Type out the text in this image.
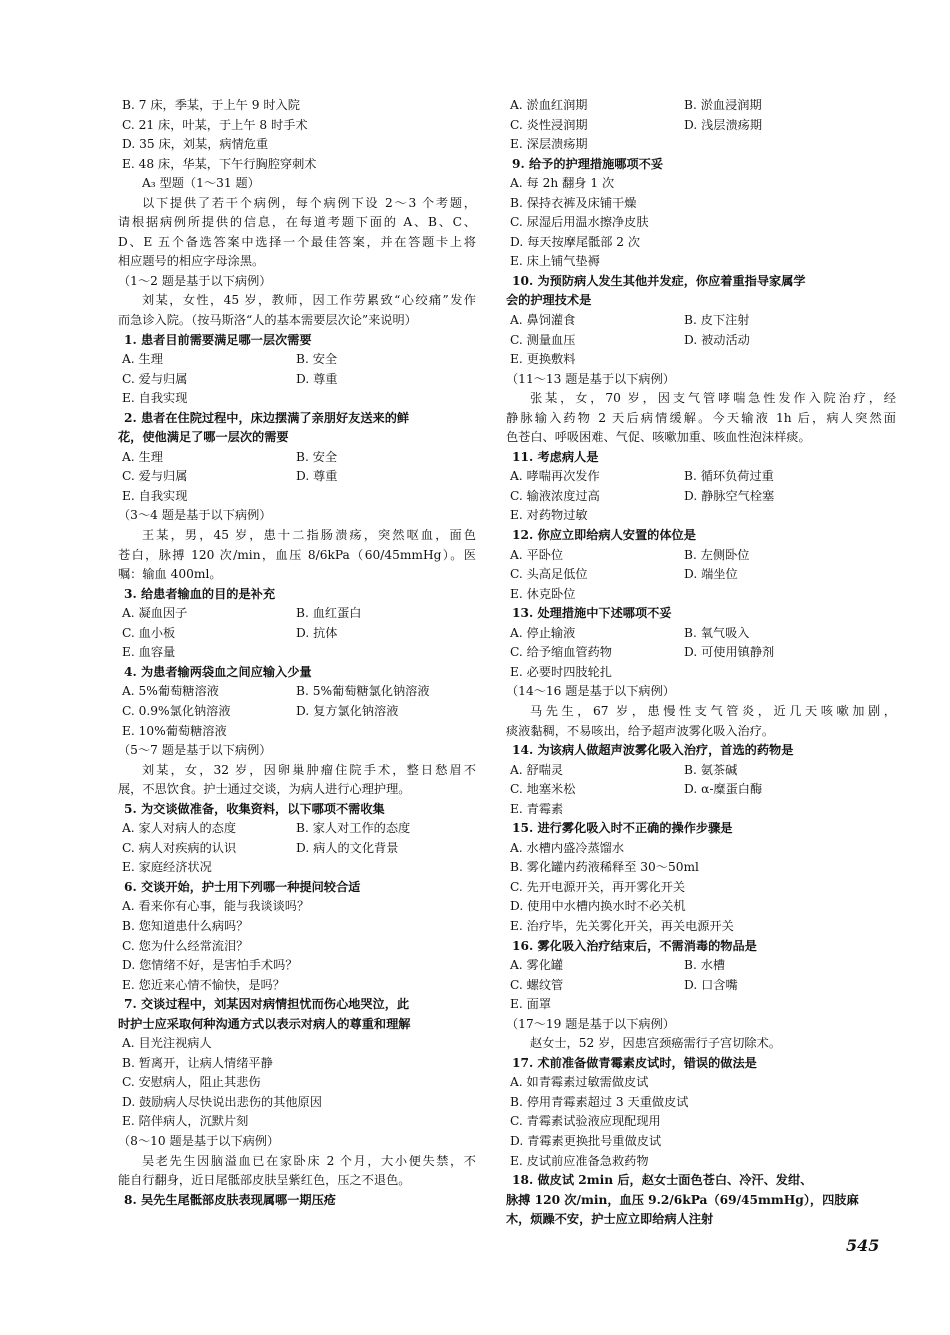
B. 7 床，季某，于上午 9 时入院
C. 21 床，叶某，于上午 8 时手术
D. 35 床，刘某，病情危重
E. 48 床，华某，下午行胸腔穿刺术
A₃ 型题（1～31 题）
以下提供了若干个病例，每个病例下设 2～3 个考题，
请根据病例所提供的信息，在每道考题下面的 A、B、C、
D、E 五个备选答案中选择一个最佳答案，并在答题卡上将
相应题号的相应字母涂黑。
（1～2 题是基于以下病例）
刘某，女性，45 岁，教师，因工作劳累致“心绞痛”发作
而急诊入院。（按马斯洛“人的基本需要层次论”来说明）
1. 患者目前需要满足哪一层次需要
A. 生理	B. 安全
C. 爱与归属	D. 尊重
E. 自我实现
2. 患者在住院过程中，床边摆满了亲朋好友送来的鲜
花，使他满足了哪一层次的需要
A. 生理	B. 安全
C. 爱与归属	D. 尊重
E. 自我实现
（3～4 题是基于以下病例）
王某，男，45 岁，患十二指肠溃疡，突然呕血，面色
苍白，脉搏 120 次/min，血压 8/6kPa（60/45mmHg）。医
嘱：输血 400ml。
3. 给患者输血的目的是补充
A. 凝血因子	B. 血红蛋白
C. 血小板	D. 抗体
E. 血容量
4. 为患者输两袋血之间应输入少量
A. 5%葡萄糖溶液	B. 5%葡萄糖氯化钠溶液
C. 0.9%氯化钠溶液	D. 复方氯化钠溶液
E. 10%葡萄糖溶液
（5～7 题是基于以下病例）
刘某，女，32 岁，因卵巢肿瘤住院手术，整日愁眉不
展，不思饮食。护士通过交谈，为病人进行心理护理。
5. 为交谈做准备，收集资料，以下哪项不需收集
A. 家人对病人的态度	B. 家人对工作的态度
C. 病人对疾病的认识	D. 病人的文化背景
E. 家庭经济状况
6. 交谈开始，护士用下列哪一种提问较合适
A. 看来你有心事，能与我谈谈吗？
B. 您知道患什么病吗？
C. 您为什么经常流泪？
D. 您情绪不好，是害怕手术吗？
E. 您近来心情不愉快，是吗？
7. 交谈过程中，刘某因对病情担忧而伤心地哭泣，此
时护士应采取何种沟通方式以表示对病人的尊重和理解
A. 目光注视病人
B. 暂离开，让病人情绪平静
C. 安慰病人，阻止其悲伤
D. 鼓励病人尽快说出悲伤的其他原因
E. 陪伴病人，沉默片刻
（8～10 题是基于以下病例）
吴老先生因脑溢血已在家卧床 2 个月，大小便失禁，不
能自行翻身，近日尾骶部皮肤呈紫红色，压之不退色。
8. 吴先生尾骶部皮肤表现属哪一期压疮
A. 淤血红润期	B. 淤血浸润期
C. 炎性浸润期	D. 浅层溃疡期
E. 深层溃疡期
9. 给予的护理措施哪项不妥
A. 每 2h 翻身 1 次
B. 保持衣裤及床铺干燥
C. 尿湿后用温水擦净皮肤
D. 每天按摩尾骶部 2 次
E. 床上铺气垫褥
10. 为预防病人发生其他并发症，你应着重指导家属学
会的护理技术是
A. 鼻饲灌食	B. 皮下注射
C. 测量血压	D. 被动活动
E. 更换敷料
（11～13 题是基于以下病例）
张某，女，70 岁，因支气管哮喘急性发作入院治疗，经
静脉输入药物 2 天后病情缓解。今天输液 1h 后，病人突然面
色苍白、呼吸困难、气促、咳嗽加重、咳血性泡沫样痰。
11. 考虑病人是
A. 哮喘再次发作	B. 循环负荷过重
C. 输液浓度过高	D. 静脉空气栓塞
E. 对药物过敏
12. 你应立即给病人安置的体位是
A. 平卧位	B. 左侧卧位
C. 头高足低位	D. 端坐位
E. 休克卧位
13. 处理措施中下述哪项不妥
A. 停止输液	B. 氧气吸入
C. 给予缩血管药物	D. 可使用镇静剂
E. 必要时四肢轮扎
（14～16 题是基于以下病例）
马先生，67 岁，患慢性支气管炎，近几天咳嗽加剧，
痰液黏稠，不易咳出，给予超声波雾化吸入治疗。
14. 为该病人做超声波雾化吸入治疗，首选的药物是
A. 舒喘灵	B. 氨茶碱
C. 地塞米松	D. α-糜蛋白酶
E. 青霉素
15. 进行雾化吸入时不正确的操作步骤是
A. 水槽内盛冷蒸馏水
B. 雾化罐内药液稀释至 30～50ml
C. 先开电源开关，再开雾化开关
D. 使用中水槽内换水时不必关机
E. 治疗毕，先关雾化开关，再关电源开关
16. 雾化吸入治疗结束后，不需消毒的物品是
A. 雾化罐	B. 水槽
C. 螺纹管	D. 口含嘴
E. 面罩
（17～19 题是基于以下病例）
赵女士，52 岁，因患宫颈癌需行子宫切除术。
17. 术前准备做青霉素皮试时，错误的做法是
A. 如青霉素过敏需做皮试
B. 停用青霉素超过 3 天重做皮试
C. 青霉素试验液应现配现用
D. 青霉素更换批号重做皮试
E. 皮试前应准备急救药物
18. 做皮试 2min 后，赵女士面色苍白、冷汗、发绀、
脉搏 120 次/min，血压 9.2/6kPa（69/45mmHg），四肢麻
木，烦躁不安，护士应立即给病人注射
545
